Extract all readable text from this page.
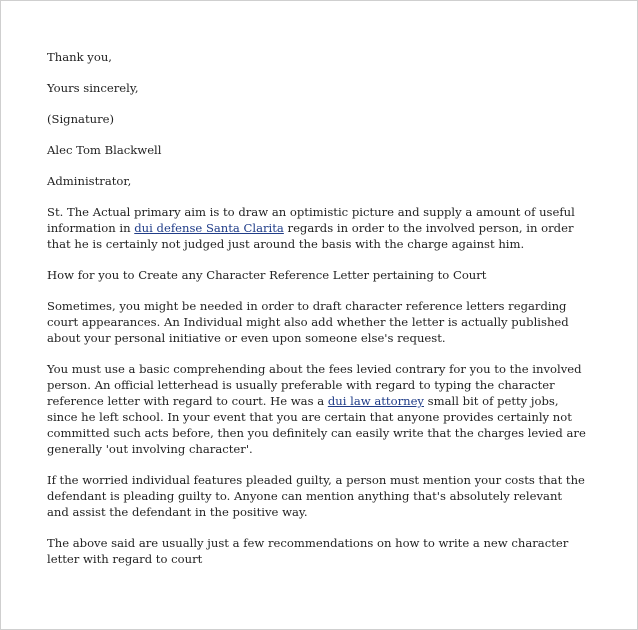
Thank you,

Yours sincerely,

(Signature)

Alec Tom Blackwell

Administrator,

St. The Actual primary aim is to draw an optimistic picture and supply a amount of useful information in dui defense Santa Clarita regards in order to the involved person, in order that he is certainly not judged just around the basis with the charge against him.

How for you to Create any Character Reference Letter pertaining to Court

Sometimes, you might be needed in order to draft character reference letters regarding court appearances. An Individual might also add whether the letter is actually published about your personal initiative or even upon someone else's request.

You must use a basic comprehending about the fees levied contrary for you to the involved person. An official letterhead is usually preferable with regard to typing the character reference letter with regard to court. He was a dui law attorney small bit of petty jobs, since he left school. In your event that you are certain that anyone provides certainly not committed such acts before, then you definitely can easily write that the charges levied are generally 'out involving character'.

If the worried individual features pleaded guilty, a person must mention your costs that the defendant is pleading guilty to. Anyone can mention anything that's absolutely relevant and assist the defendant in the positive way.

The above said are usually just a few recommendations on how to write a new character letter with regard to court
